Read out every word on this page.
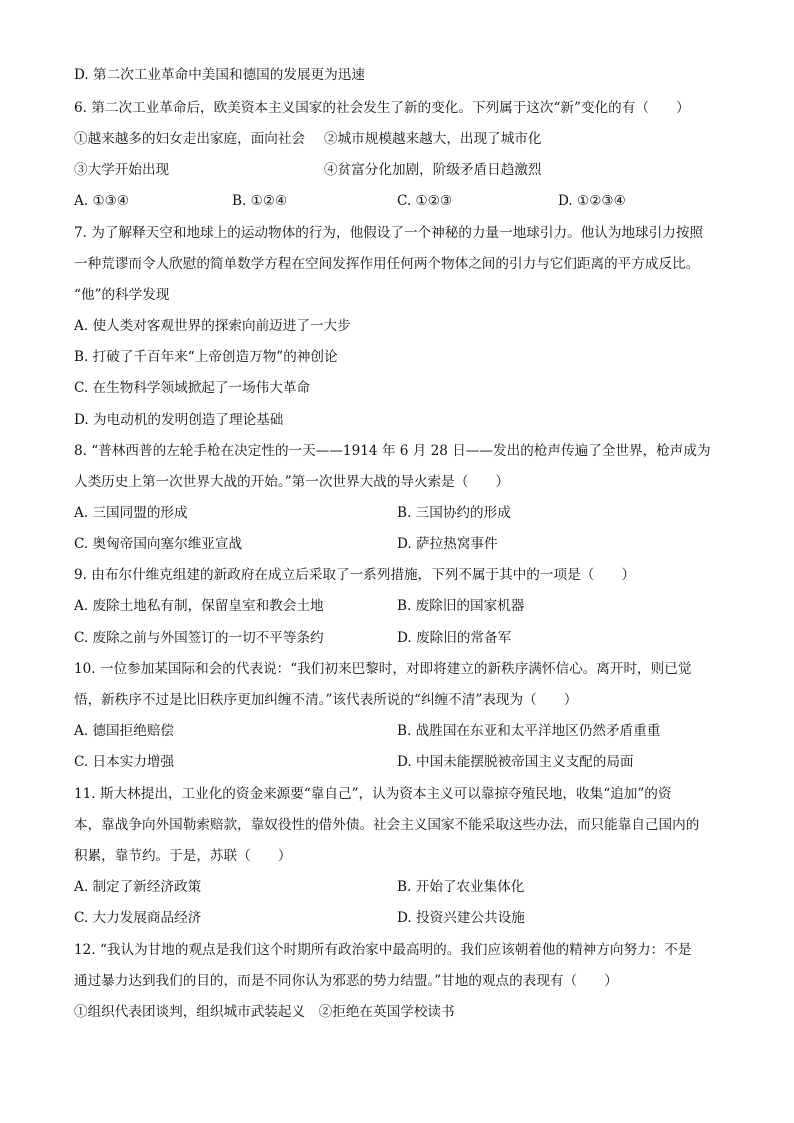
D. 第二次工业革命中美国和德国的发展更为迅速
6. 第二次工业革命后，欧美资本主义国家的社会发生了新的变化。下列属于这次“新”变化的有（　　）
①越来越多的妇女走出家庭，面向社会 ②城市规模越来越大，出现了城市化
③大学开始出现	④贫富分化加剧，阶级矛盾日趋激烈
A. ①③④	B. ①②④	C. ①②③	D. ①②③④
7. 为了解释天空和地球上的运动物体的行为，他假设了一个神秘的力量一地球引力。他认为地球引力按照
一种荒谬而令人欣慰的简单数学方程在空间发挥作用任何两个物体之间的引力与它们距离的平方成反比。
“他”的科学发现
A. 使人类对客观世界的探索向前迈进了一大步
B. 打破了千百年来“上帝创造万物”的神创论
C. 在生物科学领域掀起了一场伟大革命
D. 为电动机的发明创造了理论基础
8. “普林西普的左轮手枪在决定性的一天——1914 年 6 月 28 日——发出的枪声传遍了全世界，枪声成为
人类历史上第一次世界大战的开始。”第一次世界大战的导火索是（　　）
A. 三国同盟的形成	B. 三国协约的形成
C. 奥匈帝国向塞尔维亚宣战	D. 萨拉热窝事件
9. 由布尔什维克组建的新政府在成立后采取了一系列措施，下列不属于其中的一项是（　　）
A. 废除土地私有制，保留皇室和教会土地	B. 废除旧的国家机器
C. 废除之前与外国签订的一切不平等条约	D. 废除旧的常备军
10. 一位参加某国际和会的代表说：“我们初来巴黎时，对即将建立的新秩序满怀信心。离开时，则已觉
悟，新秩序不过是比旧秩序更加纠缠不清。”该代表所说的“纠缠不清”表现为（　　）
A. 德国拒绝赔偿	B. 战胜国在东亚和太平洋地区仍然矛盾重重
C. 日本实力增强	D. 中国未能摆脱被帝国主义支配的局面
11. 斯大林提出，工业化的资金来源要“靠自己”，认为资本主义可以靠掠夺殖民地，收集“追加”的资
本，靠战争向外国勒索赔款，靠奴役性的借外债。社会主义国家不能采取这些办法，而只能靠自己国内的
积累，靠节约。于是，苏联（　　）
A. 制定了新经济政策	B. 开始了农业集体化
C. 大力发展商品经济	D. 投资兴建公共设施
12. “我认为甘地的观点是我们这个时期所有政治家中最高明的。我们应该朝着他的精神方向努力：不是
通过暴力达到我们的目的，而是不同你认为邪恶的势力结盟。”甘地的观点的表现有（　　）
①组织代表团谈判，组织城市武装起义　②拒绝在英国学校读书
